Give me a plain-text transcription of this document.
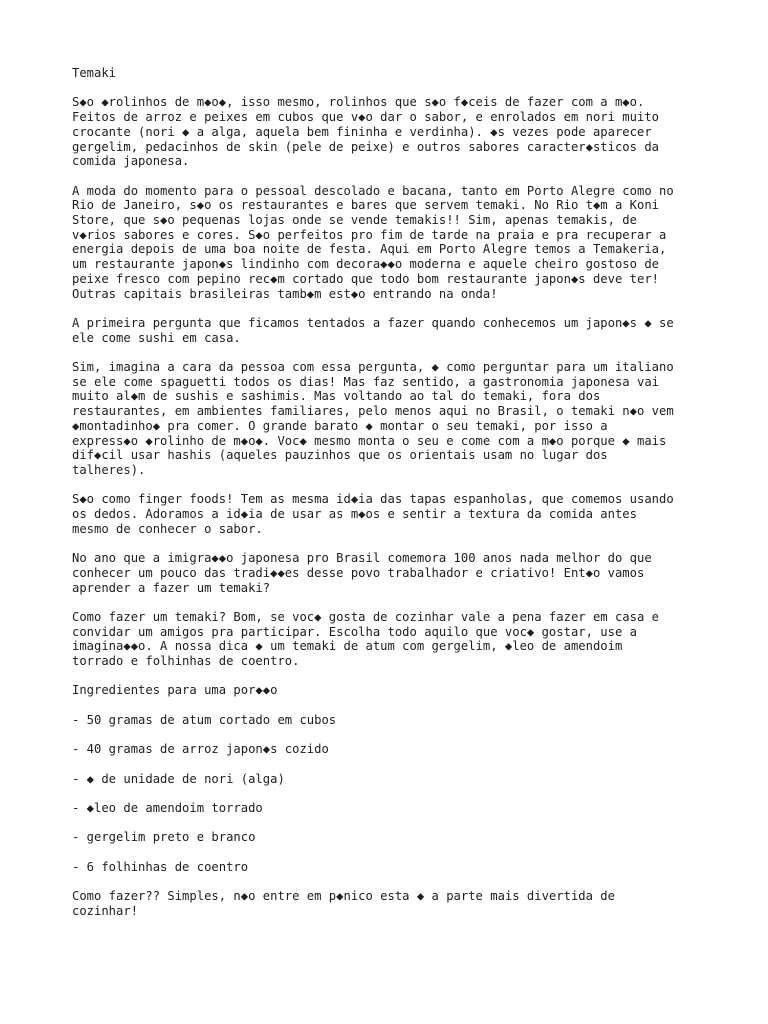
Temaki
S◆o ◆rolinhos de m◆o◆, isso mesmo, rolinhos que s◆o f◆ceis de fazer com a m◆o.
Feitos de arroz e peixes em cubos que v◆o dar o sabor, e enrolados em nori muito
crocante (nori ◆ a alga, aquela bem fininha e verdinha). ◆s vezes pode aparecer
gergelim, pedacinhos de skin (pele de peixe) e outros sabores caracter◆sticos da
comida japonesa.
A moda do momento para o pessoal descolado e bacana, tanto em Porto Alegre como no
Rio de Janeiro, s◆o os restaurantes e bares que servem temaki. No Rio t◆m a Koni
Store, que s◆o pequenas lojas onde se vende temakis!! Sim, apenas temakis, de
v◆rios sabores e cores. S◆o perfeitos pro fim de tarde na praia e pra recuperar a
energia depois de uma boa noite de festa. Aqui em Porto Alegre temos a Temakeria,
um restaurante japon◆s lindinho com decora◆◆o moderna e aquele cheiro gostoso de
peixe fresco com pepino rec◆m cortado que todo bom restaurante japon◆s deve ter!
Outras capitais brasileiras tamb◆m est◆o entrando na onda!
A primeira pergunta que ficamos tentados a fazer quando conhecemos um japon◆s ◆ se
ele come sushi em casa.
Sim, imagina a cara da pessoa com essa pergunta, ◆ como perguntar para um italiano
se ele come spaguetti todos os dias! Mas faz sentido, a gastronomia japonesa vai
muito al◆m de sushis e sashimis. Mas voltando ao tal do temaki, fora dos
restaurantes, em ambientes familiares, pelo menos aqui no Brasil, o temaki n◆o vem
◆montadinho◆ pra comer. O grande barato ◆ montar o seu temaki, por isso a
express◆o ◆rolinho de m◆o◆. Voc◆ mesmo monta o seu e come com a m◆o porque ◆ mais
dif◆cil usar hashis (aqueles pauzinhos que os orientais usam no lugar dos
talheres).
S◆o como finger foods! Tem as mesma id◆ia das tapas espanholas, que comemos usando
os dedos. Adoramos a id◆ia de usar as m◆os e sentir a textura da comida antes
mesmo de conhecer o sabor.
No ano que a imigra◆◆o japonesa pro Brasil comemora 100 anos nada melhor do que
conhecer um pouco das tradi◆◆es desse povo trabalhador e criativo! Ent◆o vamos
aprender a fazer um temaki?
Como fazer um temaki? Bom, se voc◆ gosta de cozinhar vale a pena fazer em casa e
convidar um amigos pra participar. Escolha todo aquilo que voc◆ gostar, use a
imagina◆◆o. A nossa dica ◆ um temaki de atum com gergelim, ◆leo de amendoim
torrado e folhinhas de coentro.
Ingredientes para uma por◆◆o
- 50 gramas de atum cortado em cubos
- 40 gramas de arroz japon◆s cozido
- ◆ de unidade de nori (alga)
- ◆leo de amendoim torrado
- gergelim preto e branco
- 6 folhinhas de coentro
Como fazer?? Simples, n◆o entre em p◆nico esta ◆ a parte mais divertida de
cozinhar!
